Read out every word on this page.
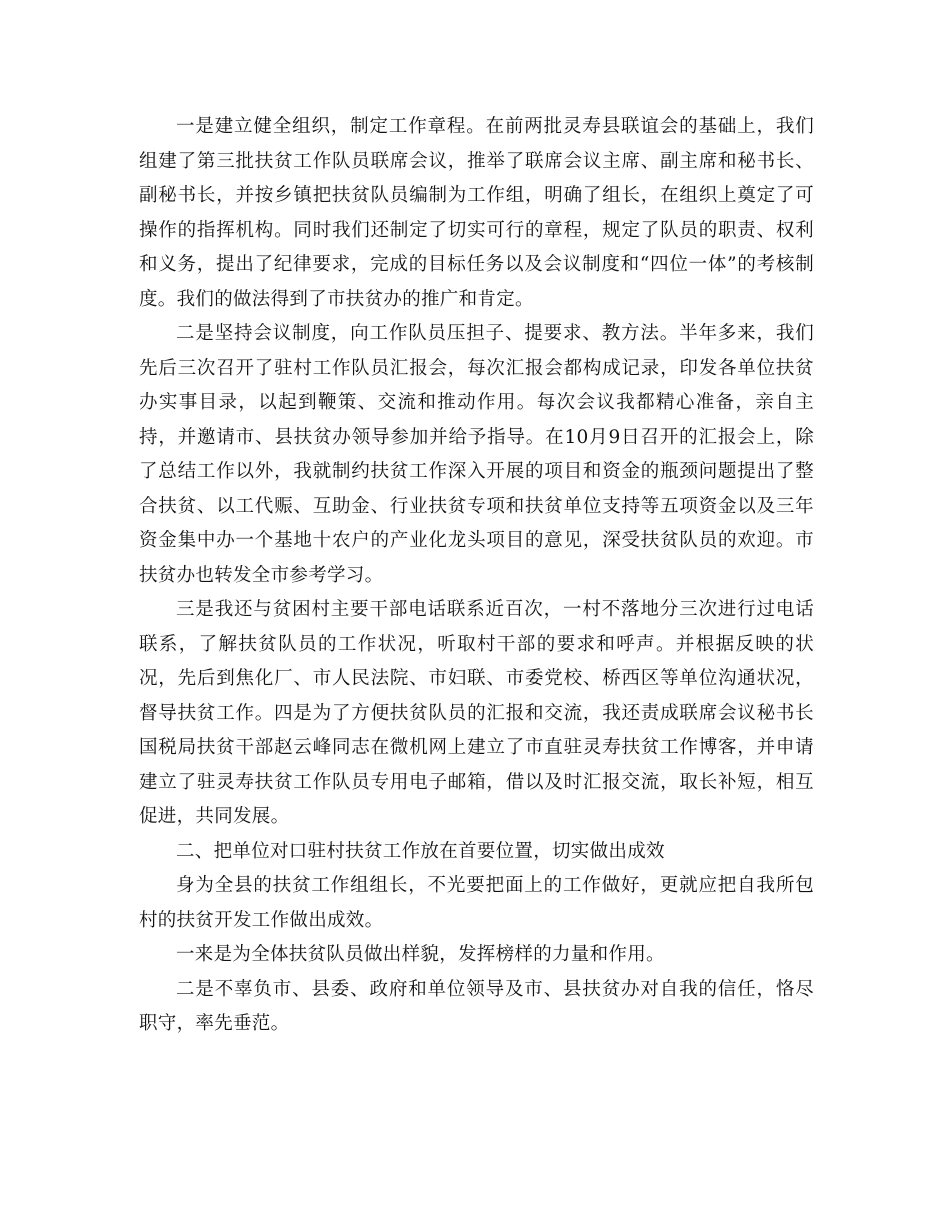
一是建立健全组织，制定工作章程。在前两批灵寿县联谊会的基础上，我们组建了第三批扶贫工作队员联席会议，推举了联席会议主席、副主席和秘书长、副秘书长，并按乡镇把扶贫队员编制为工作组，明确了组长，在组织上奠定了可操作的指挥机构。同时我们还制定了切实可行的章程，规定了队员的职责、权利和义务，提出了纪律要求，完成的目标任务以及会议制度和“四位一体”的考核制度。我们的做法得到了市扶贫办的推广和肯定。

二是坚持会议制度，向工作队员压担子、提要求、教方法。半年多来，我们先后三次召开了驻村工作队员汇报会，每次汇报会都构成记录，印发各单位扶贫办实事目录，以起到鞭策、交流和推动作用。每次会议我都精心准备，亲自主持，并邀请市、县扶贫办领导参加并给予指导。在10月9日召开的汇报会上，除了总结工作以外，我就制约扶贫工作深入开展的项目和资金的瓶颈问题提出了整合扶贫、以工代赈、互助金、行业扶贫专项和扶贫单位支持等五项资金以及三年资金集中办一个基地十农户的产业化龙头项目的意见，深受扶贫队员的欢迎。市扶贫办也转发全市参考学习。

三是我还与贫困村主要干部电话联系近百次，一村不落地分三次进行过电话联系，了解扶贫队员的工作状况，听取村干部的要求和呼声。并根据反映的状况，先后到焦化厂、市人民法院、市妇联、市委党校、桥西区等单位沟通状况，督导扶贫工作。四是为了方便扶贫队员的汇报和交流，我还责成联席会议秘书长国税局扶贫干部赵云峰同志在微机网上建立了市直驻灵寿扶贫工作博客，并申请建立了驻灵寿扶贫工作队员专用电子邮箱，借以及时汇报交流，取长补短，相互促进，共同发展。

二、把单位对口驻村扶贫工作放在首要位置，切实做出成效

身为全县的扶贫工作组组长，不光要把面上的工作做好，更就应把自我所包村的扶贫开发工作做出成效。

一来是为全体扶贫队员做出样貌，发挥榜样的力量和作用。

二是不辜负市、县委、政府和单位领导及市、县扶贫办对自我的信任，恪尽职守，率先垂范。
